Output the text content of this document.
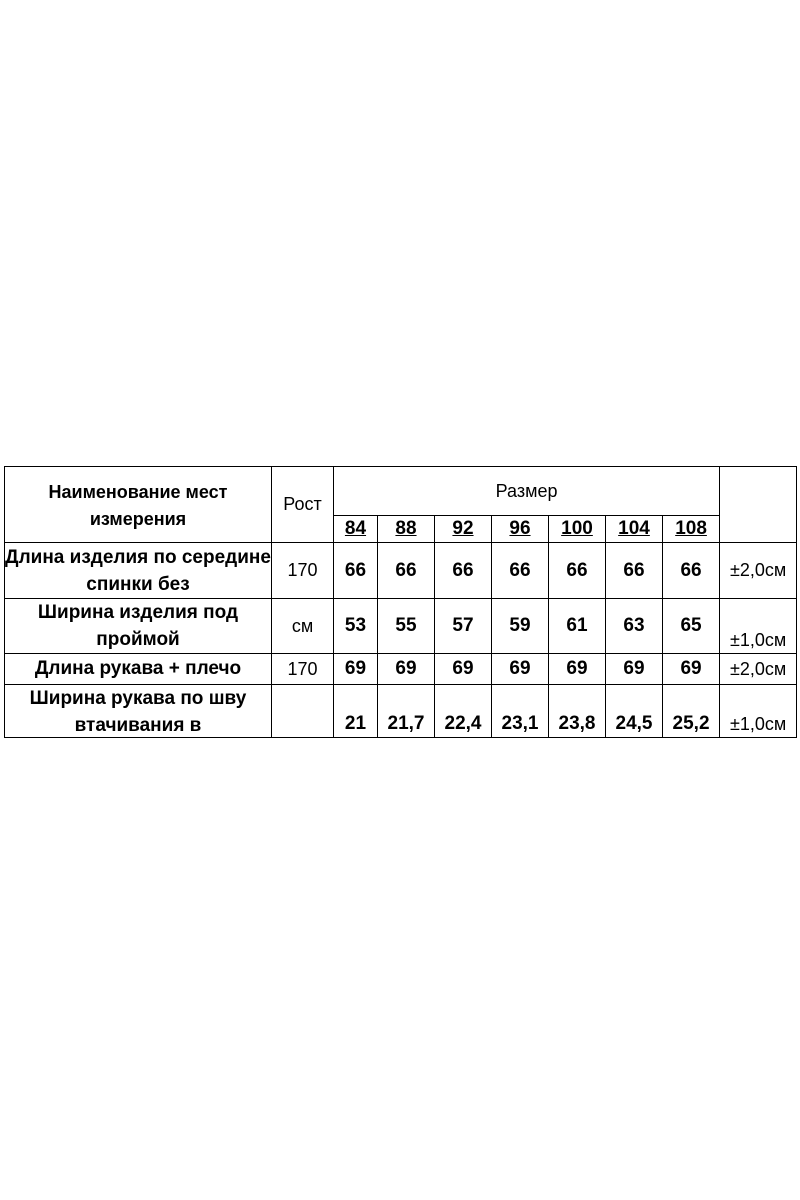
Наименование мест измерения	Рост	Размер							
		84	88	92	96	100	104	108	

Длина изделия по середине спинки без	170	66	66	66	66	66	66	66	±2,0см

Ширина изделия под проймой	см	53	55	57	59	61	63	65	±1,0см
Длина рукава + плечо	170	69	69	69	69	69	69	69	±2,0см

Ширина рукава по шву втачивания в		21	21,7	22,4	23,1	23,8	24,5	25,2	±1,0см
